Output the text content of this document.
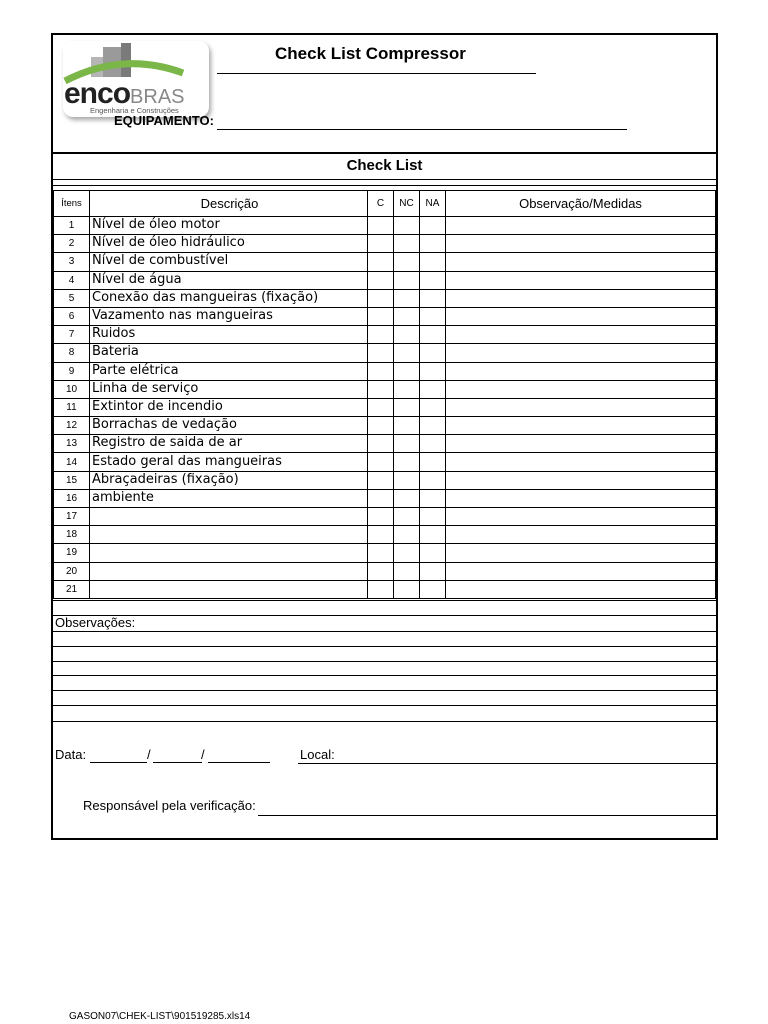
encoBRAS
Engenharia e Construções
Check List Compressor
EQUIPAMENTO:
Check List
Ítens	Descrição	C	NC	NA	Observação/Medidas
1	Nível de óleo motor				
2	Nível de óleo hidráulico				
3	Nível de combustível				
4	Nível de água				
5	Conexão das mangueiras (fixação)				
6	Vazamento nas mangueiras				
7	Ruidos				
8	Bateria				
9	Parte elétrica				
10	Linha de serviço				
11	Extintor de incendio				
12	Borrachas de vedação				
13	Registro de saida de ar				
14	Estado geral das mangueiras				
15	Abraçadeiras (fixação)				
16	ambiente				
17					
18					
19					
20					
21					
Observações:
Data:	/	/	Local:
Responsável pela verificação:
GASON07\CHEK-LIST\901519285.xls14
